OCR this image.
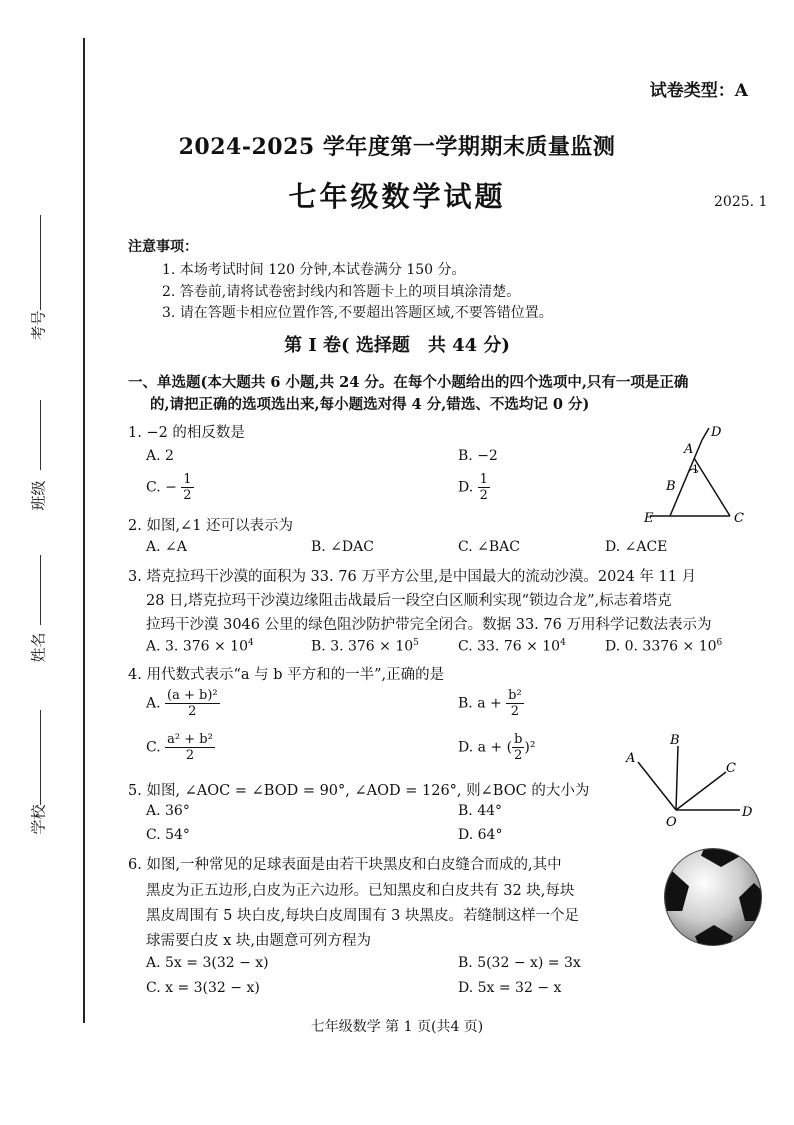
考号
班级
姓名
学校
试卷类型：A
2024-2025 学年度第一学期期末质量监测
七年级数学试题	2025. 1
注意事项：
1. 本场考试时间 120 分钟,本试卷满分 150 分。
2. 答卷前,请将试卷密封线内和答题卡上的项目填涂清楚。
3. 请在答题卡相应位置作答,不要超出答题区域,不要答错位置。
第 I 卷( 选择题　共 44 分)
一、单选题(本大题共 6 小题,共 24 分。在每个小题给出的四个选项中,只有一项是正确
的,请把正确的选项选出来,每小题选对得 4 分,错选、不选均记 0 分)
1. −2 的相反数是
A. 2	B. −2
C. − $\frac{1}{2}$	D. $\frac{1}{2}$
D
A
1
B
E	C
2. 如图,∠1 还可以表示为
A. ∠A	B. ∠DAC	C. ∠BAC	D. ∠ACE
3. 塔克拉玛干沙漠的面积为 33. 76 万平方公里,是中国最大的流动沙漠。2024 年 11 月
28 日,塔克拉玛干沙漠边缘阻击战最后一段空白区顺利实现“锁边合龙”,标志着塔克
拉玛干沙漠 3046 公里的绿色阻沙防护带完全闭合。数据 33. 76 万用科学记数法表示为
A. 3. $376 \times 10^4$	B. 3. $376 \times 10^5$	C. 33. $76 \times 10^4$	D. 0. $3376 \times 10^6$
4. 用代数式表示“a 与 b 平方和的一半”,正确的是
A. $\frac{\text{(a + b)²}}{2}$	B. $a + \frac{\text{b²}}{2}$
C. $\frac{\text{a² + b²}}{2}$	D. a + ( $\frac{b}{2} )^2$
A
B
C
D
O
5. 如图, ∠AOC = ∠BOD = 90°, ∠AOD = 126°, 则∠BOC 的大小为
A. 36°	B. 44°
C. 54°	D. 64°
6. 如图,一种常见的足球表面是由若干块黑皮和白皮缝合而成的,其中
黑皮为正五边形,白皮为正六边形。已知黑皮和白皮共有 32 块,每块
黑皮周围有 5 块白皮,每块白皮周围有 3 块黑皮。若缝制这样一个足
球需要白皮 x 块,由题意可列方程为
A. 5x = 3(32 − x)	B. 5(32 − x) = 3x
C. x = 3(32 − x)	D. 5x = 32 − x
七年级数学 第 1 页(共4 页)
